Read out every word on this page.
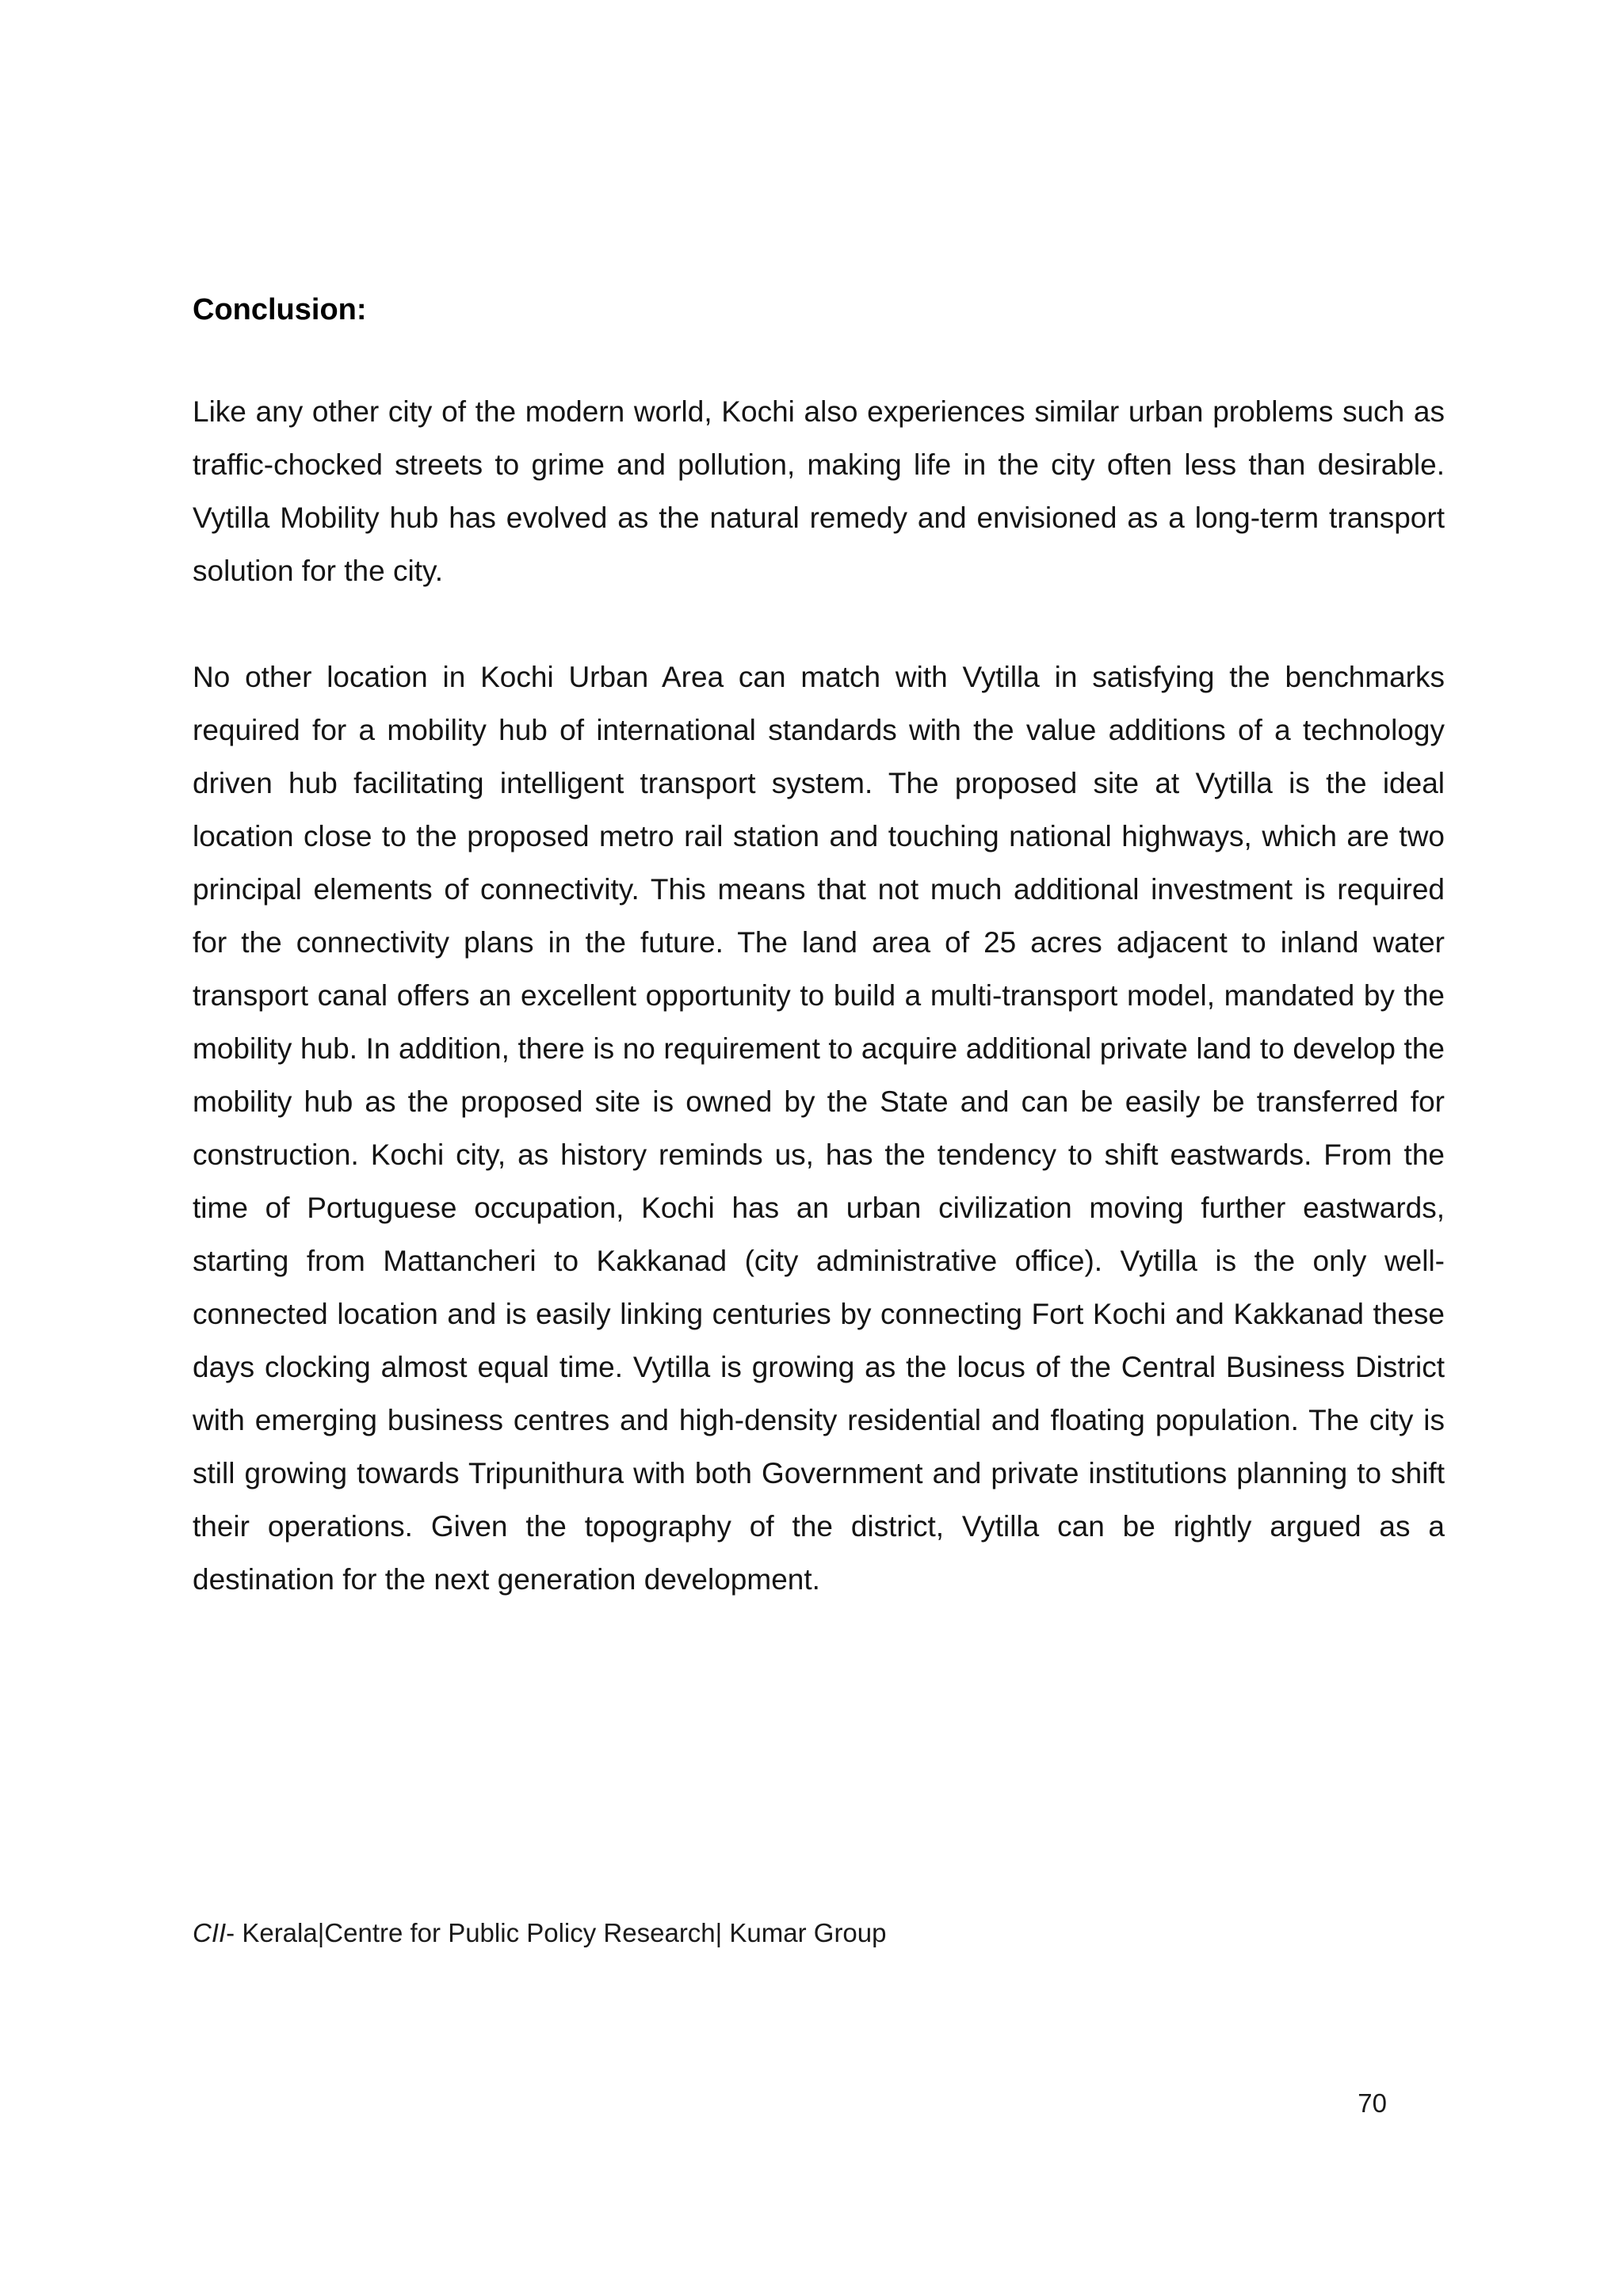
Conclusion:

Like any other city of the modern world, Kochi also experiences similar urban problems such as traffic-chocked streets to grime and pollution, making life in the city often less than desirable. Vytilla Mobility hub has evolved as the natural remedy and envisioned as a long-term transport solution for the city.

No other location in Kochi Urban Area can match with Vytilla in satisfying the benchmarks required for a mobility hub of international standards with the value additions of a technology driven hub facilitating intelligent transport system. The proposed site at Vytilla is the ideal location close to the proposed metro rail station and touching national highways, which are two principal elements of connectivity. This means that not much additional investment is required for the connectivity plans in the future. The land area of 25 acres adjacent to inland water transport canal offers an excellent opportunity to build a multi-transport model, mandated by the mobility hub. In addition, there is no requirement to acquire additional private land to develop the mobility hub as the proposed site is owned by the State and can be easily be transferred for construction. Kochi city, as history reminds us, has the tendency to shift eastwards. From the time of Portuguese occupation, Kochi has an urban civilization moving further eastwards, starting from Mattancheri to Kakkanad (city administrative office). Vytilla is the only well-connected location and is easily linking centuries by connecting Fort Kochi and Kakkanad these days clocking almost equal time. Vytilla is growing as the locus of the Central Business District with emerging business centres and high-density residential and floating population. The city is still growing towards Tripunithura with both Government and private institutions planning to shift their operations. Given the topography of the district, Vytilla can be rightly argued as a destination for the next generation development.

CII- Kerala|Centre for Public Policy Research| Kumar Group
70
